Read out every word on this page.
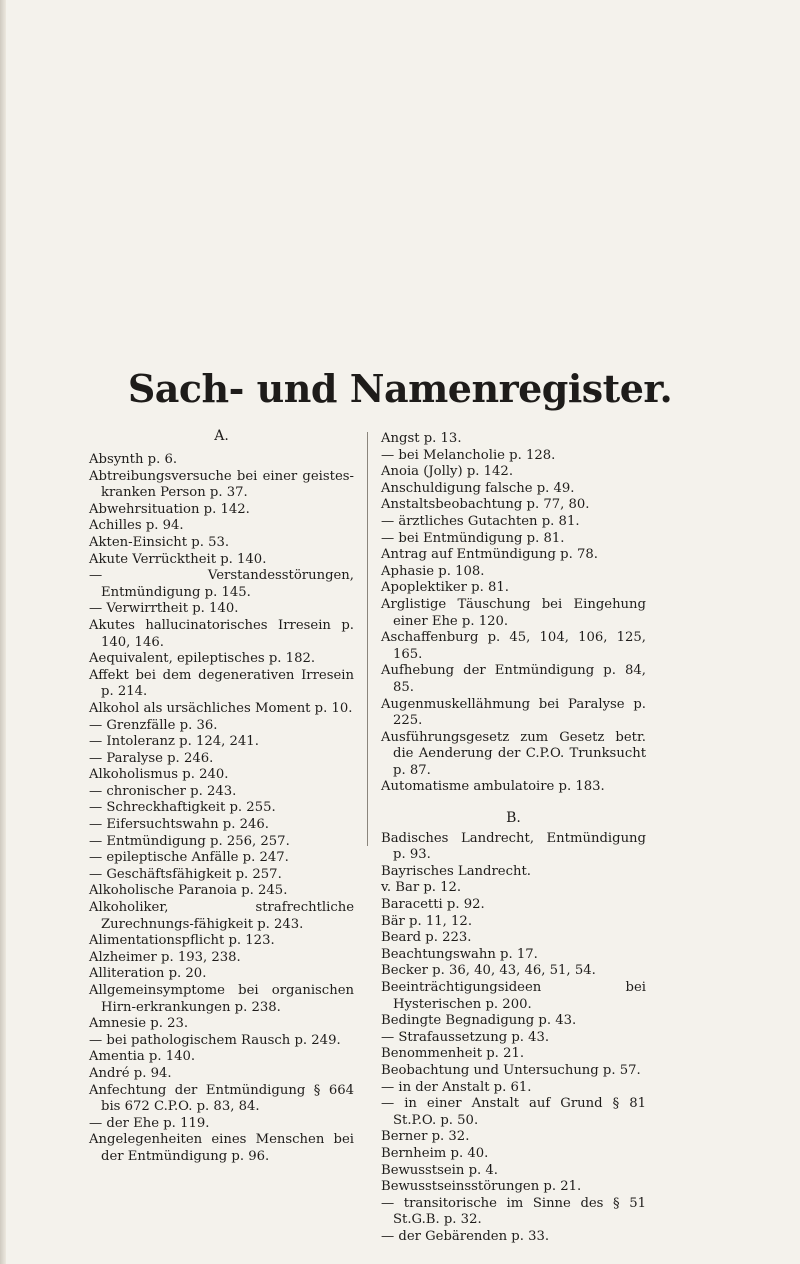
Sach- und Namenregister.
A.

Absynth p. 6.

Abtreibungsversuche bei einer geistes-kranken Person p. 37.

Abwehrsituation p. 142.

Achilles p. 94.

Akten-Einsicht p. 53.

Akute Verrücktheit p. 140.

— Verstandesstörungen, Entmündigung p. 145.

— Verwirrtheit p. 140.

Akutes hallucinatorisches Irresein p. 140, 146.

Aequivalent, epileptisches p. 182.

Affekt bei dem degenerativen Irresein p. 214.

Alkohol als ursächliches Moment p. 10.

— Grenzfälle p. 36.

— Intoleranz p. 124, 241.

— Paralyse p. 246.

Alkoholismus p. 240.

— chronischer p. 243.

— Schreckhaftigkeit p. 255.

— Eifersuchtswahn p. 246.

— Entmündigung p. 256, 257.

— epileptische Anfälle p. 247.

— Geschäftsfähigkeit p. 257.

Alkoholische Paranoia p. 245.

Alkoholiker, strafrechtliche Zurechnungs-fähigkeit p. 243.

Alimentationspflicht p. 123.

Alzheimer p. 193, 238.

Alliteration p. 20.

Allgemeinsymptome bei organischen Hirn-erkrankungen p. 238.

Amnesie p. 23.

— bei pathologischem Rausch p. 249.

Amentia p. 140.

André p. 94.

Anfechtung der Entmündigung § 664 bis 672 C.P.O. p. 83, 84.

— der Ehe p. 119.

Angelegenheiten eines Menschen bei der Entmündigung p. 96.

Angst p. 13.

— bei Melancholie p. 128.

Anoia (Jolly) p. 142.

Anschuldigung falsche p. 49.

Anstaltsbeobachtung p. 77, 80.

— ärztliches Gutachten p. 81.

— bei Entmündigung p. 81.

Antrag auf Entmündigung p. 78.

Aphasie p. 108.

Apoplektiker p. 81.

Arglistige Täuschung bei Eingehung einer Ehe p. 120.

Aschaffenburg p. 45, 104, 106, 125, 165.

Aufhebung der Entmündigung p. 84, 85.

Augenmuskellähmung bei Paralyse p. 225.

Ausführungsgesetz zum Gesetz betr. die Aenderung der C.P.O. Trunksucht p. 87.

Automatisme ambulatoire p. 183.

B.

Badisches Landrecht, Entmündigung p. 93.

Bayrisches Landrecht.

v. Bar p. 12.

Baracetti p. 92.

Bär p. 11, 12.

Beard p. 223.

Beachtungswahn p. 17.

Becker p. 36, 40, 43, 46, 51, 54.

Beeinträchtigungsideen bei Hysterischen p. 200.

Bedingte Begnadigung p. 43.

— Strafaussetzung p. 43.

Benommenheit p. 21.

Beobachtung und Untersuchung p. 57.

— in der Anstalt p. 61.

— in einer Anstalt auf Grund § 81 St.P.O. p. 50.

Berner p. 32.

Bernheim p. 40.

Bewusstsein p. 4.

Bewusstseinsstörungen p. 21.

— transitorische im Sinne des § 51 St.G.B. p. 32.

— der Gebärenden p. 33.
